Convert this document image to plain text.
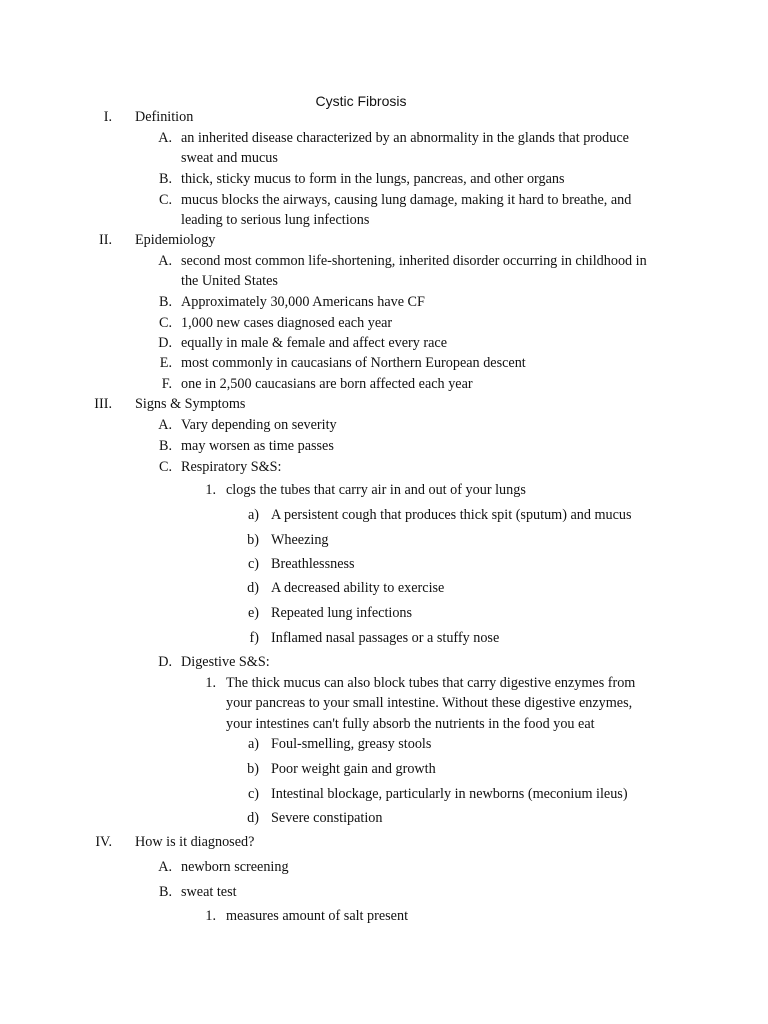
Cystic Fibrosis
I. Definition
A. an inherited disease characterized by an abnormality in the glands that produce
sweat and mucus
B. thick, sticky mucus to form in the lungs, pancreas, and other organs
C. mucus blocks the airways, causing lung damage, making it hard to breathe, and
leading to serious lung infections
II. Epidemiology
A. second most common life-shortening, inherited disorder occurring in childhood in
the United States
B. Approximately 30,000 Americans have CF
C. 1,000 new cases diagnosed each year
D. equally in male & female and affect every race
E. most commonly in caucasians of Northern European descent
F. one in 2,500 caucasians are born affected each year
III. Signs & Symptoms
A. Vary depending on severity
B. may worsen as time passes
C. Respiratory S&S:
1. clogs the tubes that carry air in and out of your lungs
a) A persistent cough that produces thick spit (sputum) and mucus
b) Wheezing
c) Breathlessness
d) A decreased ability to exercise
e) Repeated lung infections
f) Inflamed nasal passages or a stuffy nose
D. Digestive S&S:
1. The thick mucus can also block tubes that carry digestive enzymes from
your pancreas to your small intestine. Without these digestive enzymes,
your intestines can't fully absorb the nutrients in the food you eat
a) Foul-smelling, greasy stools
b) Poor weight gain and growth
c) Intestinal blockage, particularly in newborns (meconium ileus)
d) Severe constipation
IV. How is it diagnosed?
A. newborn screening
B. sweat test
1. measures amount of salt present
